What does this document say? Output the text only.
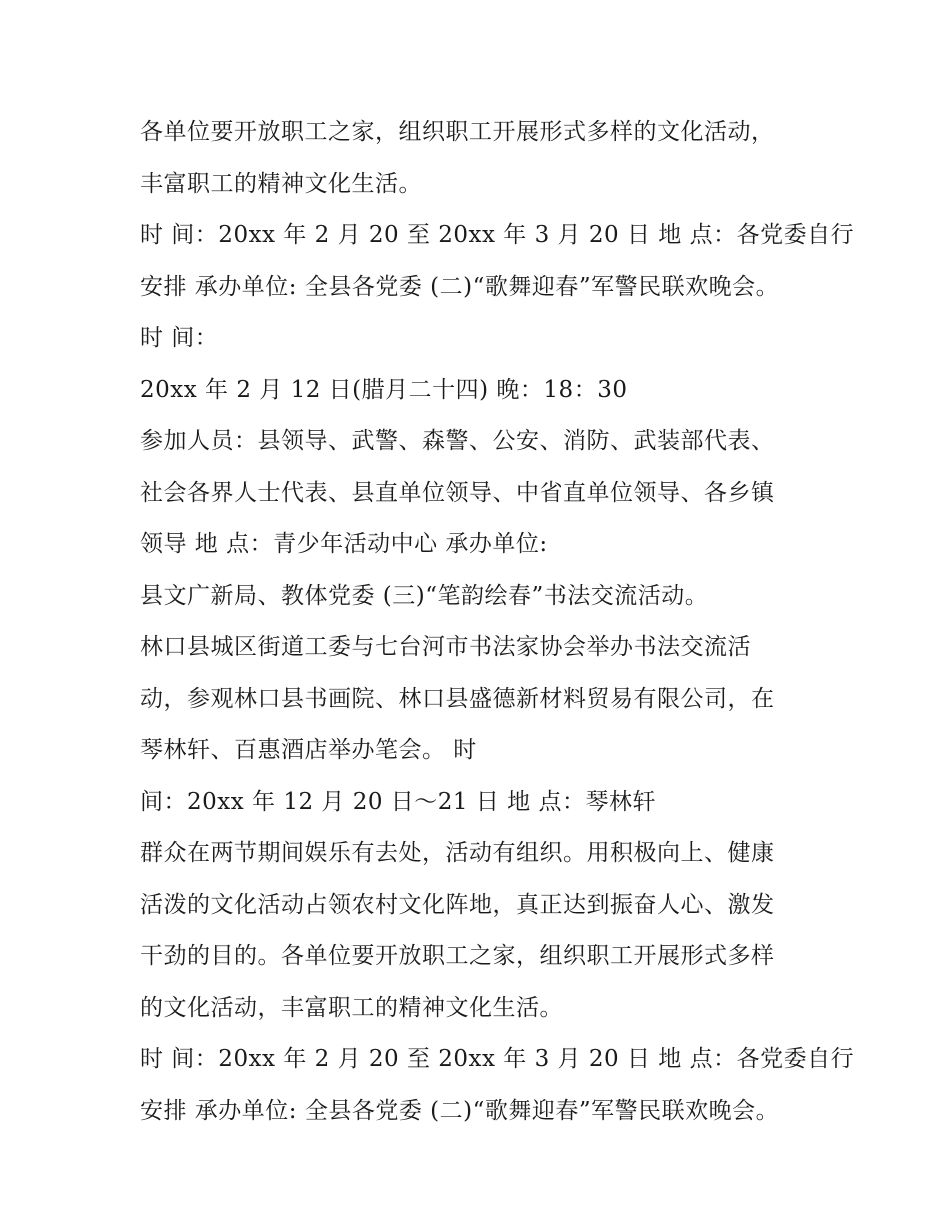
各单位要开放职工之家，组织职工开展形式多样的文化活动，
丰富职工的精神文化生活。
时 间：20xx 年 2 月 20 至 20xx 年 3 月 20 日 地 点：各党委自行
安排 承办单位: 全县各党委 (二)“歌舞迎春”军警民联欢晚会。
时 间：
20xx 年 2 月 12 日(腊月二十四) 晚：18：30
参加人员：县领导、武警、森警、公安、消防、武装部代表、
社会各界人士代表、县直单位领导、中省直单位领导、各乡镇
领导 地 点：青少年活动中心 承办单位:
县文广新局、教体党委 (三)“笔韵绘春”书法交流活动。
林口县城区街道工委与七台河市书法家协会举办书法交流活
动，参观林口县书画院、林口县盛德新材料贸易有限公司，在
琴林轩、百惠酒店举办笔会。 时
间：20xx 年 12 月 20 日～21 日 地 点：琴林轩
群众在两节期间娱乐有去处，活动有组织。用积极向上、健康
活泼的文化活动占领农村文化阵地，真正达到振奋人心、激发
干劲的目的。各单位要开放职工之家，组织职工开展形式多样
的文化活动，丰富职工的精神文化生活。
时 间：20xx 年 2 月 20 至 20xx 年 3 月 20 日 地 点：各党委自行
安排 承办单位: 全县各党委 (二)“歌舞迎春”军警民联欢晚会。
